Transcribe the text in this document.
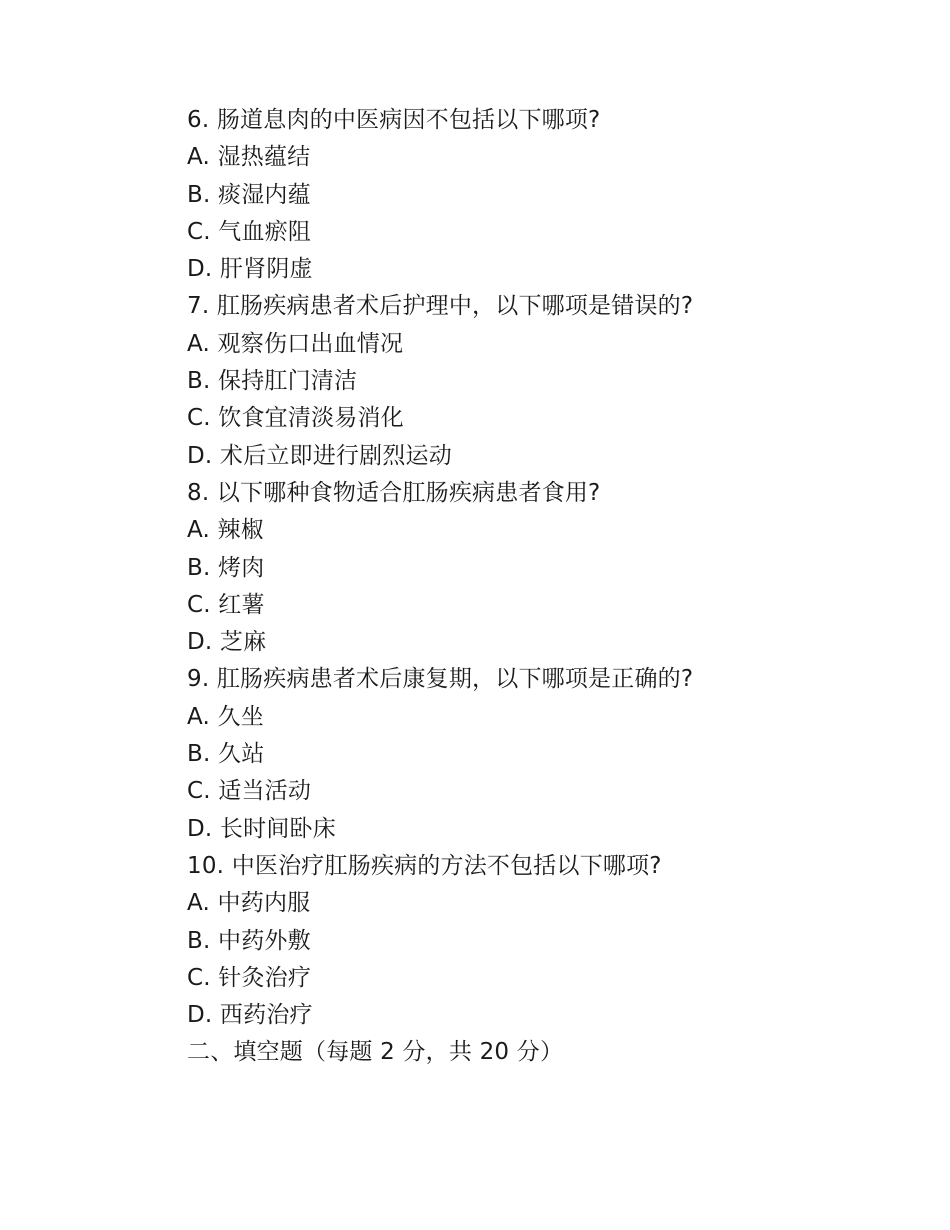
6. 肠道息肉的中医病因不包括以下哪项?
A. 湿热蕴结
B. 痰湿内蕴
C. 气血瘀阻
D. 肝肾阴虚
7. 肛肠疾病患者术后护理中，以下哪项是错误的?
A. 观察伤口出血情况
B. 保持肛门清洁
C. 饮食宜清淡易消化
D. 术后立即进行剧烈运动
8. 以下哪种食物适合肛肠疾病患者食用?
A. 辣椒
B. 烤肉
C. 红薯
D. 芝麻
9. 肛肠疾病患者术后康复期，以下哪项是正确的?
A. 久坐
B. 久站
C. 适当活动
D. 长时间卧床
10. 中医治疗肛肠疾病的方法不包括以下哪项?
A. 中药内服
B. 中药外敷
C. 针灸治疗
D. 西药治疗
二、填空题（每题 2 分，共 20 分）
